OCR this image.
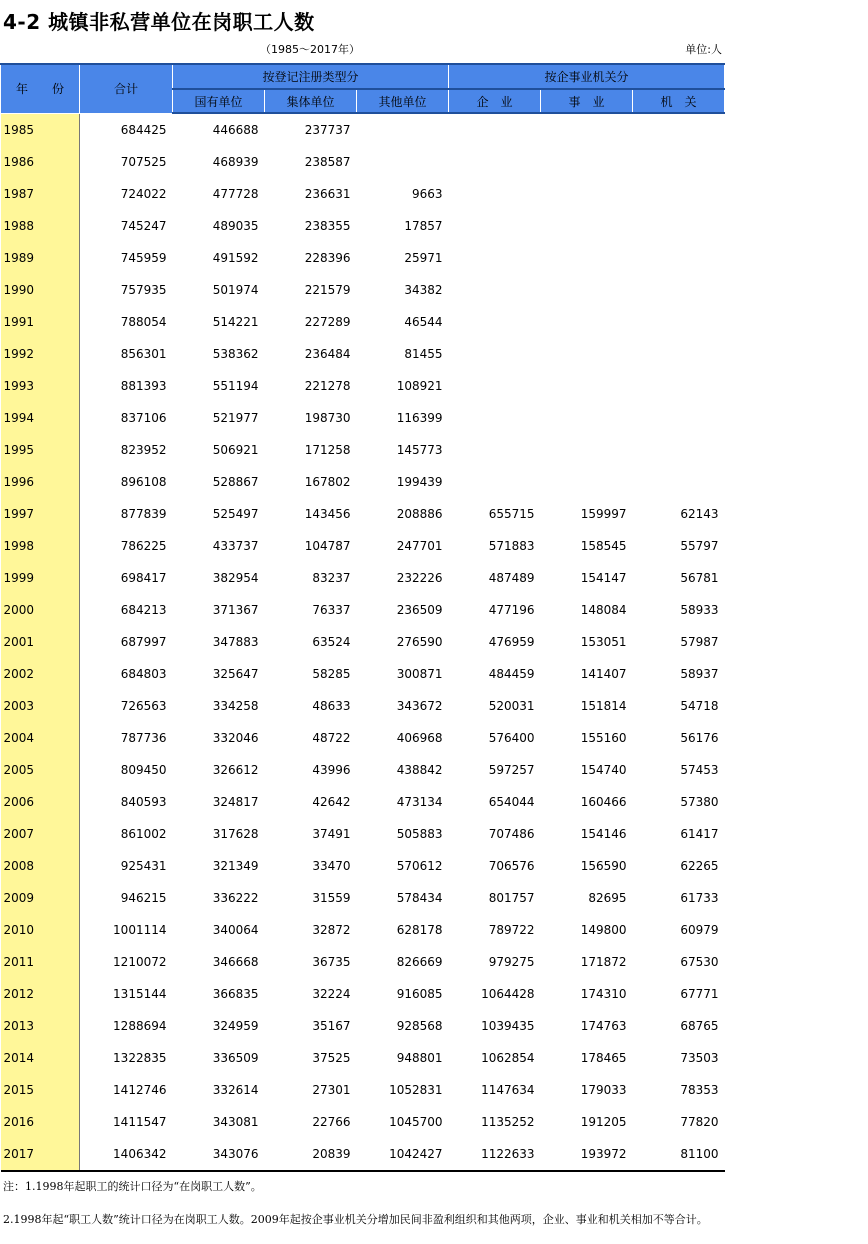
4-2 城镇非私营单位在岗职工人数
（1985～2017年）	单位:人
年　　份	合计	按登记注册类型分			按企事业机关分		
		国有单位	集体单位	其他单位	企　业	事　业	机　关
1985	684425	446688	237737				
1986	707525	468939	238587				
1987	724022	477728	236631	9663			
1988	745247	489035	238355	17857			
1989	745959	491592	228396	25971			
1990	757935	501974	221579	34382			
1991	788054	514221	227289	46544			
1992	856301	538362	236484	81455			
1993	881393	551194	221278	108921			
1994	837106	521977	198730	116399			
1995	823952	506921	171258	145773			
1996	896108	528867	167802	199439			
1997	877839	525497	143456	208886	655715	159997	62143
1998	786225	433737	104787	247701	571883	158545	55797
1999	698417	382954	83237	232226	487489	154147	56781
2000	684213	371367	76337	236509	477196	148084	58933
2001	687997	347883	63524	276590	476959	153051	57987
2002	684803	325647	58285	300871	484459	141407	58937
2003	726563	334258	48633	343672	520031	151814	54718
2004	787736	332046	48722	406968	576400	155160	56176
2005	809450	326612	43996	438842	597257	154740	57453
2006	840593	324817	42642	473134	654044	160466	57380
2007	861002	317628	37491	505883	707486	154146	61417
2008	925431	321349	33470	570612	706576	156590	62265
2009	946215	336222	31559	578434	801757	82695	61733
2010	1001114	340064	32872	628178	789722	149800	60979
2011	1210072	346668	36735	826669	979275	171872	67530
2012	1315144	366835	32224	916085	1064428	174310	67771
2013	1288694	324959	35167	928568	1039435	174763	68765
2014	1322835	336509	37525	948801	1062854	178465	73503
2015	1412746	332614	27301	1052831	1147634	179033	78353
2016	1411547	343081	22766	1045700	1135252	191205	77820
2017	1406342	343076	20839	1042427	1122633	193972	81100
注：1.1998年起职工的统计口径为“在岗职工人数”。
2.1998年起“职工人数”统计口径为在岗职工人数。2009年起按企事业机关分增加民间非盈利组织和其他两项，企业、事业和机关相加不等合计。
